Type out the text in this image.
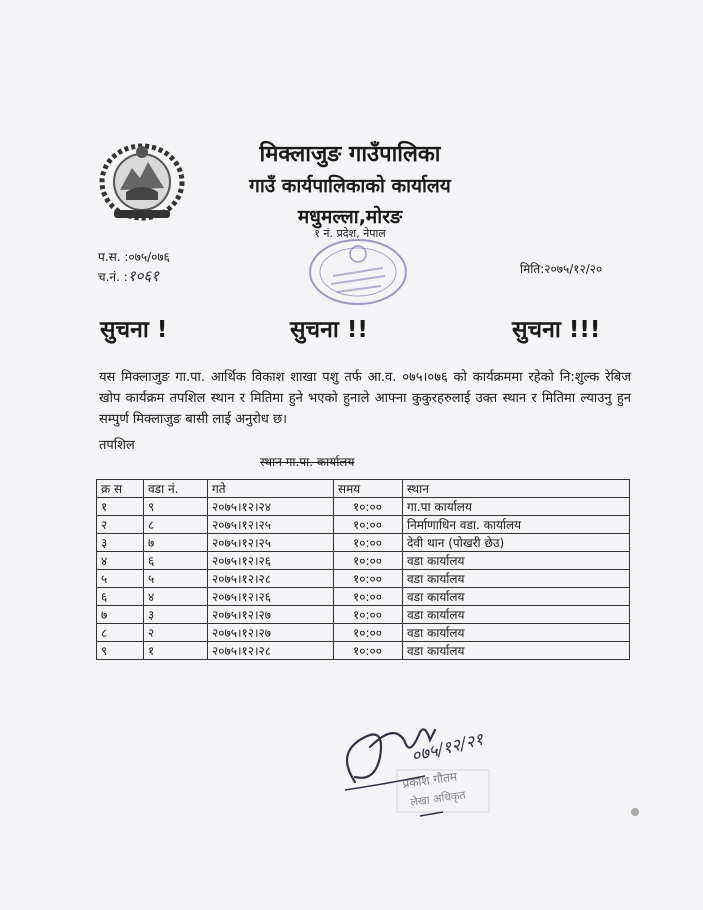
मिक्लाजुङ गाउँपालिका
गाउँ कार्यपालिकाको कार्यालय
मधुमल्ला,मोरङ
१ नं. प्रदेश, नेपाल
प.स. :०७५/०७६
च.नं. :१०६१	मिति:२०७५/१२/२०
सुचना !	सुचना !!	सुचना !!!
यस मिक्लाजुङ गा.पा. आर्थिक विकाश शाखा पशु तर्फ आ.व. ०७५।०७६ को कार्यक्रममा रहेको नि:शुल्क रेबिज खोप कार्यक्रम तपशिल स्थान र मितिमा हुने भएको हुनाले आफ्ना कुकुरहरुलाई उक्त स्थान र मितिमा ल्याउनु हुन सम्पुर्ण मिक्लाजुङ बासी लाई अनुरोध छ।
तपशिल
स्थान गा.पा. कार्यालय
क्र स	वडा नं.	गते	समय	स्थान
१	९	२०७५।१२।२४	१०:००	गा.पा कार्यालय
२	८	२०७५।१२।२५	१०:००	निर्माणाधिन वडा. कार्यालय
३	७	२०७५।१२।२५	१०:००	देवी थान (पोखरी छेउ)
४	६	२०७५।१२।२६	१०:००	वडा कार्यालय
५	५	२०७५।१२।२८	१०:००	वडा कार्यालय
६	४	२०७५।१२।२६	१०:००	वडा कार्यालय
७	३	२०७५।१२।२७	१०:००	वडा कार्यालय
८	२	२०७५।१२।२७	१०:००	वडा कार्यालय
९	१	२०७५।१२।२८	१०:००	वडा कार्यालय
०७५/१२/२१
प्रकाश गौतम
लेखा अधिकृत
